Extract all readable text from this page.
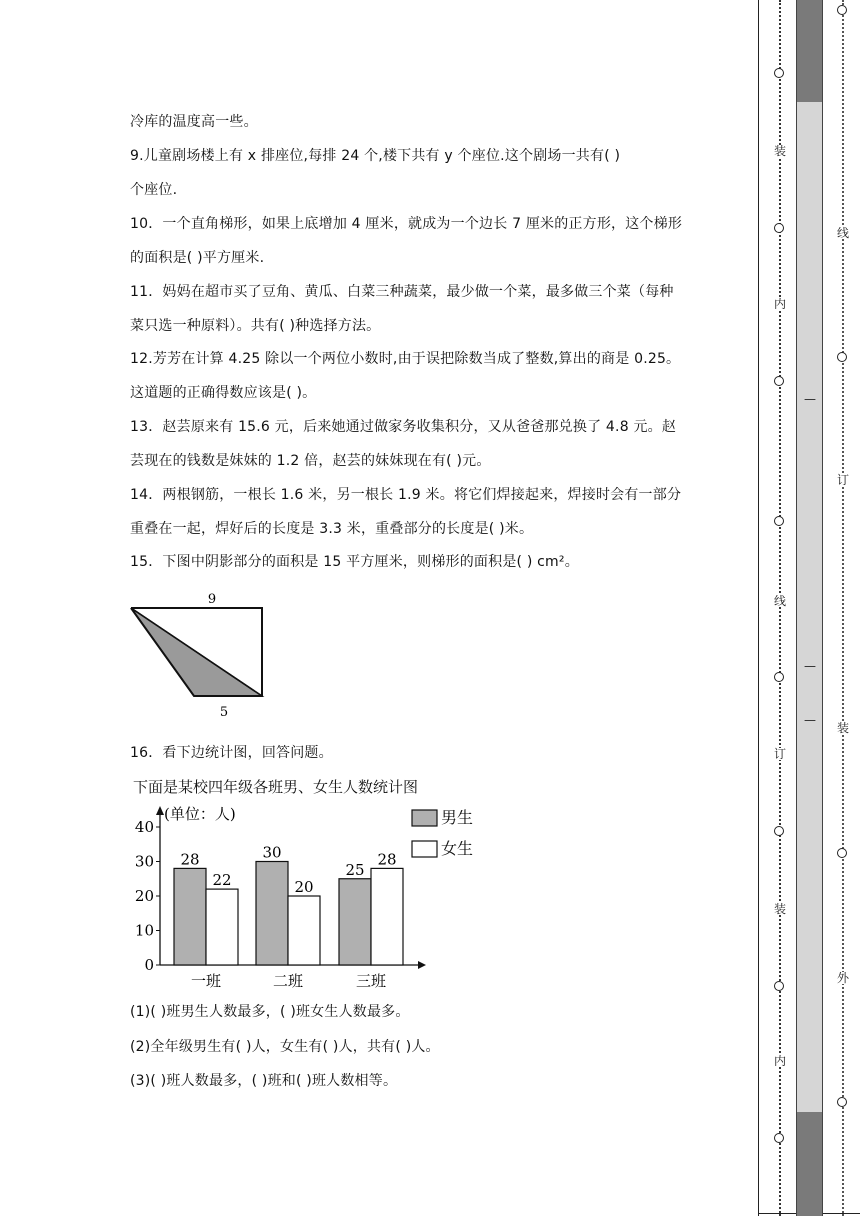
冷库的温度高一些。
9.儿童剧场楼上有 x 排座位,每排 24 个,楼下共有 y 个座位.这个剧场一共有( )
个座位.
10．一个直角梯形，如果上底增加 4 厘米，就成为一个边长 7 厘米的正方形，这个梯形
的面积是( )平方厘米.
11．妈妈在超市买了豆角、黄瓜、白菜三种蔬菜，最少做一个菜，最多做三个菜（每种
菜只选一种原料）。共有( )种选择方法。
12.芳芳在计算 4.25 除以一个两位小数时,由于误把除数当成了整数,算出的商是 0.25。
这道题的正确得数应该是( )。
13．赵芸原来有 15.6 元，后来她通过做家务收集积分，又从爸爸那兑换了 4.8 元。赵
芸现在的钱数是妹妹的 1.2 倍，赵芸的妹妹现在有( )元。
14．两根钢筋，一根长 1.6 米，另一根长 1.9 米。将它们焊接起来，焊接时会有一部分
重叠在一起，焊好后的长度是 3.3 米，重叠部分的长度是( )米。
15．下图中阴影部分的面积是 15 平方厘米，则梯形的面积是( ) cm²。
16．看下边统计图，回答问题。
(1)( )班男生人数最多，( )班女生人数最多。
(2)全年级男生有( )人，女生有( )人，共有( )人。
(3)( )班人数最多，( )班和( )班人数相等。
9
5
下面是某校四年级各班男、女生人数统计图
(单位：人)
0
10
20
30
40
28
22
一班
30
20
二班
25
28
三班
装
内
线
订
装
内
线
订
装
外
—
—
—
男生
女生
